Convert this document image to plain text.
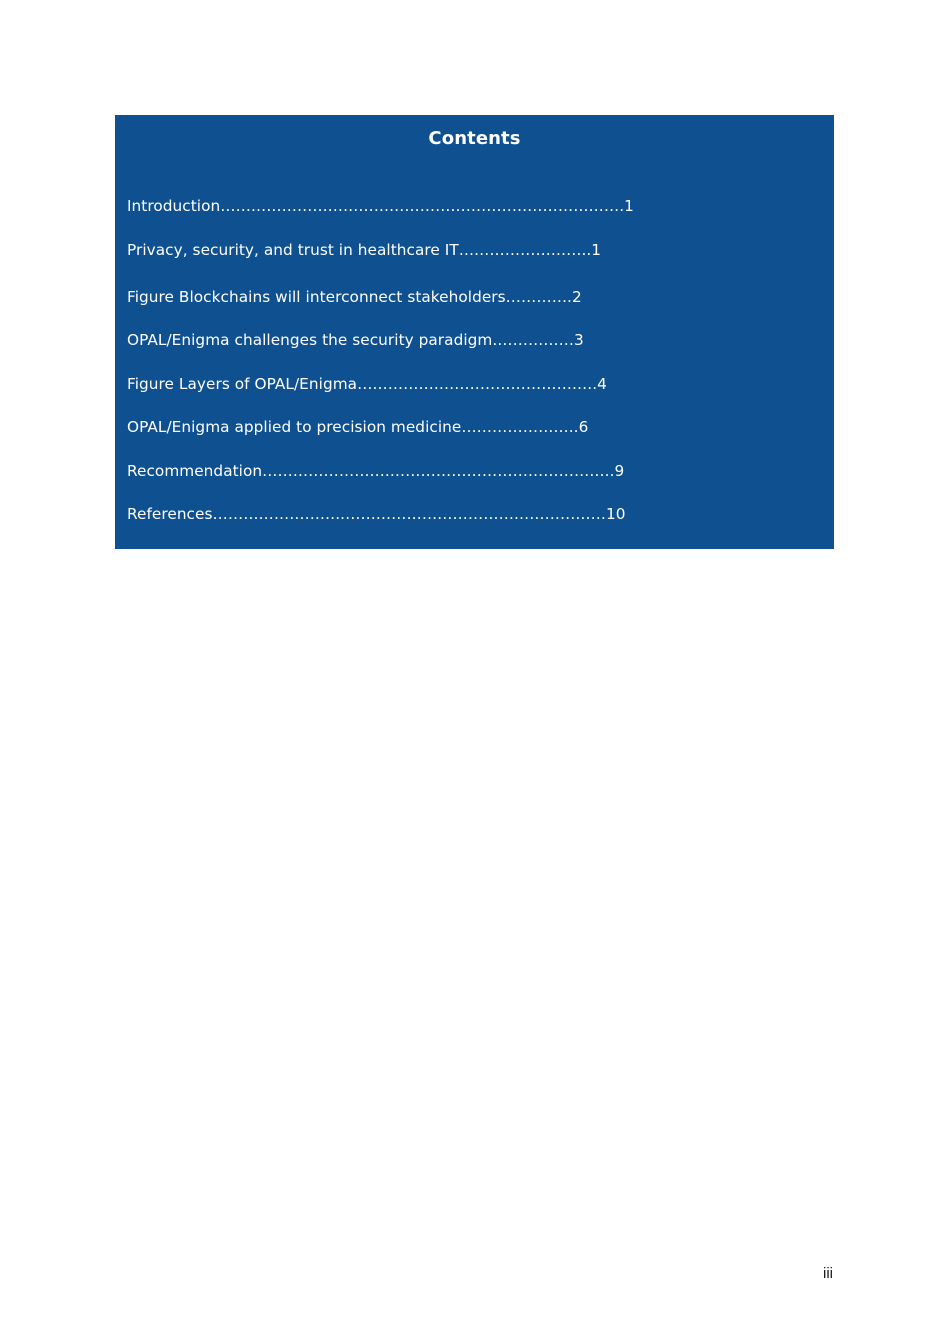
Contents
Introduction…………………………………………………………………….1
Privacy, security, and trust in healthcare IT……………………..1
Figure Blockchains will interconnect stakeholders………….2
OPAL/Enigma challenges the security paradigm.……………3
Figure Layers of OPAL/Enigma………………………………………..4
OPAL/Enigma applied to precision medicine…………………..6
Recommendation…………………….……………………………………..9
References……………………..……………………………………………10
iii
